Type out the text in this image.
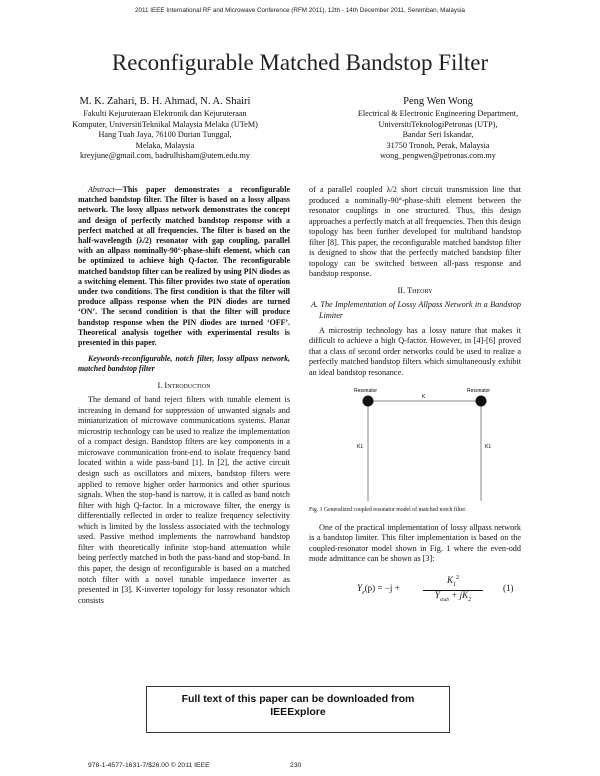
2011 IEEE International RF and Microwave Conference (RFM 2011), 12th - 14th December 2011, Seremban, Malaysia
Reconfigurable Matched Bandstop Filter
M. K. Zahari, B. H. Ahmad, N. A. Shairi
Fakulti Kejuruteraan Elektronik dan Kejuruteraan
Komputer, UniversitiTeknikal Malaysia Melaka (UTeM)
Hang Tuah Jaya, 76100 Durian Tunggal,
Melaka, Malaysia
kreyjune@gmail.com, badrulhisham@utem.edu.my
Peng Wen Wong
Electrical & Electronic Engineering Department,
UniversitiTeknologiPetronas (UTP),
Bandar Seri Iskandar,
31750 Tronoh, Perak, Malaysia
wong_pengwen@petronas.com.my

Abstract—This paper demonstrates a reconfigurable matched bandstop filter. The filter is based on a lossy allpass network. The lossy allpass network demonstrates the concept and design of perfectly matched bandstop response with a perfect matched at all frequencies. The filter is based on the half-wavelength (λ/2) resonator with gap coupling, parallel with an allpass nominally-90°-phase-shift element, which can be optimized to achieve high Q-factor. The reconfigurable matched bandstop filter can be realized by using PIN diodes as a switching element. This filter provides two state of operation under two conditions. The first condition is that the filter will produce allpass response when the PIN diodes are turned ‘ON’. The second condition is that the filter will produce bandstop response when the PIN diodes are turned ‘OFF’. Theoretical analysis together with experimental results is presented in this paper.

Keywords-reconfigurable, notch filter, lossy allpass network, matched bandstop filter

I. Introduction

The demand of band reject filters with tunable element is increasing in demand for suppression of unwanted signals and miniaturization of microwave communications systems. Planar microstrip technology can be used to realize the implementation of a compact design. Bandstop filters are key components in a microwave communication front-end to isolate frequency band located within a wide pass-band [1]. In [2], the active circuit design such as oscillators and mixers, bandstop filters were applied to remove higher order harmonics and other spurious signals. When the stop-band is narrow, it is called as band notch filter with high Q-factor. In a microwave filter, the energy is differentially reflected in order to realize frequency selectivity which is limited by the lossless associated with the technology used. Passive method implements the narrowband bandstop filter with theoretically infinite stop-band attenuation while being perfectly matched in both the pass-band and stop-band. In this paper, the design of reconfigurable is based on a matched notch filter with a novel tunable impedance inverter as presented in [3]. K-inverter topology for lossy resonator which consists

of a parallel coupled λ/2 short circuit transmission line that produced a nominally-90°-phase-shift element between the resonator couplings in one structured. Thus, this design approaches a perfectly match at all frequencies. Then this design topology has been further developed for multiband bandstop filter [8]. This paper, the reconfigurable matched bandstop filter is designed to show that the perfectly matched bandstop filter topology can be switched between all-pass response and bandstop response.

II. Theory
A. The Implementation of Lossy Allpass Network in a Bandstop Limiter

A microstrip technology has a lossy nature that makes it difficult to achieve a high Q-factor. However, in [4]-[6] proved that a class of second order networks could be used to realize a perfectly matched bandstop filters which simultaneously exhibit an ideal bandstop resonance.

Resonator	Resonator
K
K1	K1

Fig. 1 Generalized coupled resonator model of matched notch filter.

One of the practical implementation of lossy allpass network is a bandstop limiter. This filter implementation is based on the coupled-resonator model shown in Fig. 1 where the even-odd mode admittance can be shown as [3]:

$Y_e(p) = -j$ +
$K_1^2$
$Y_{stub} + jK_2$
(1)
Full text of this paper can be downloaded from
IEEExplore
978-1-4577-1631-7/$26.00 © 2011 IEEE	230
